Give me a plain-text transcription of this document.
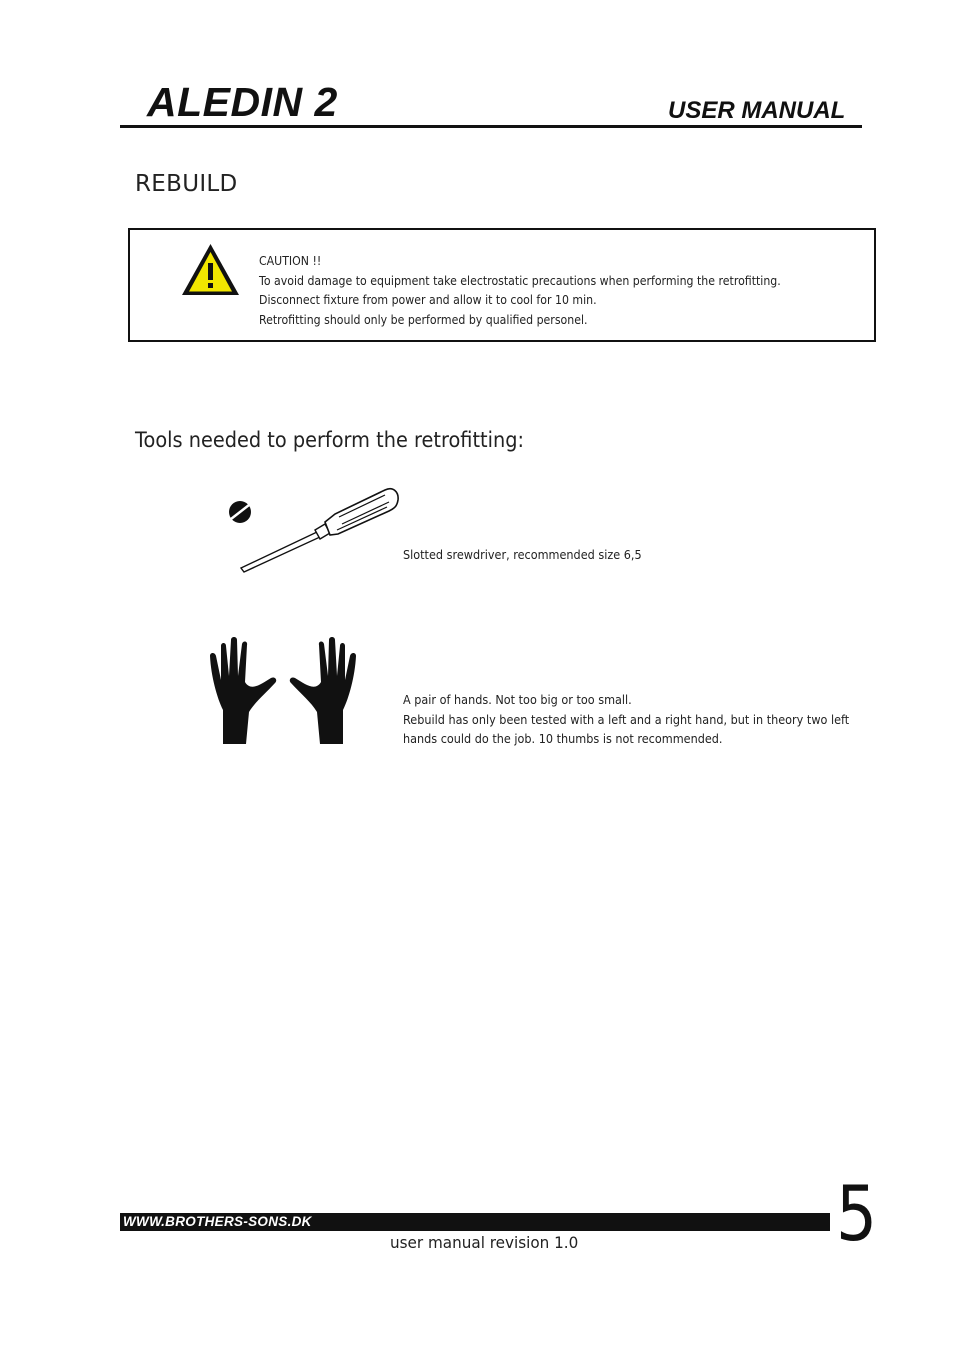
ALEDIN 2	USER MANUAL
REBUILD
CAUTION !!
To avoid damage to equipment take electrostatic precautions when performing the retrofitting.
Disconnect fixture from power and allow it to cool for 10 min.
Retrofitting should only be performed by qualified personel.
Tools needed to perform the retrofitting:
Slotted srewdriver, recommended size 6,5
A pair of hands. Not too big or too small.
Rebuild has only been tested with a left and a right hand, but in theory two left
hands could do the job. 10 thumbs is not recommended.
WWW.BROTHERS-SONS.DK
user manual revision 1.0	5
